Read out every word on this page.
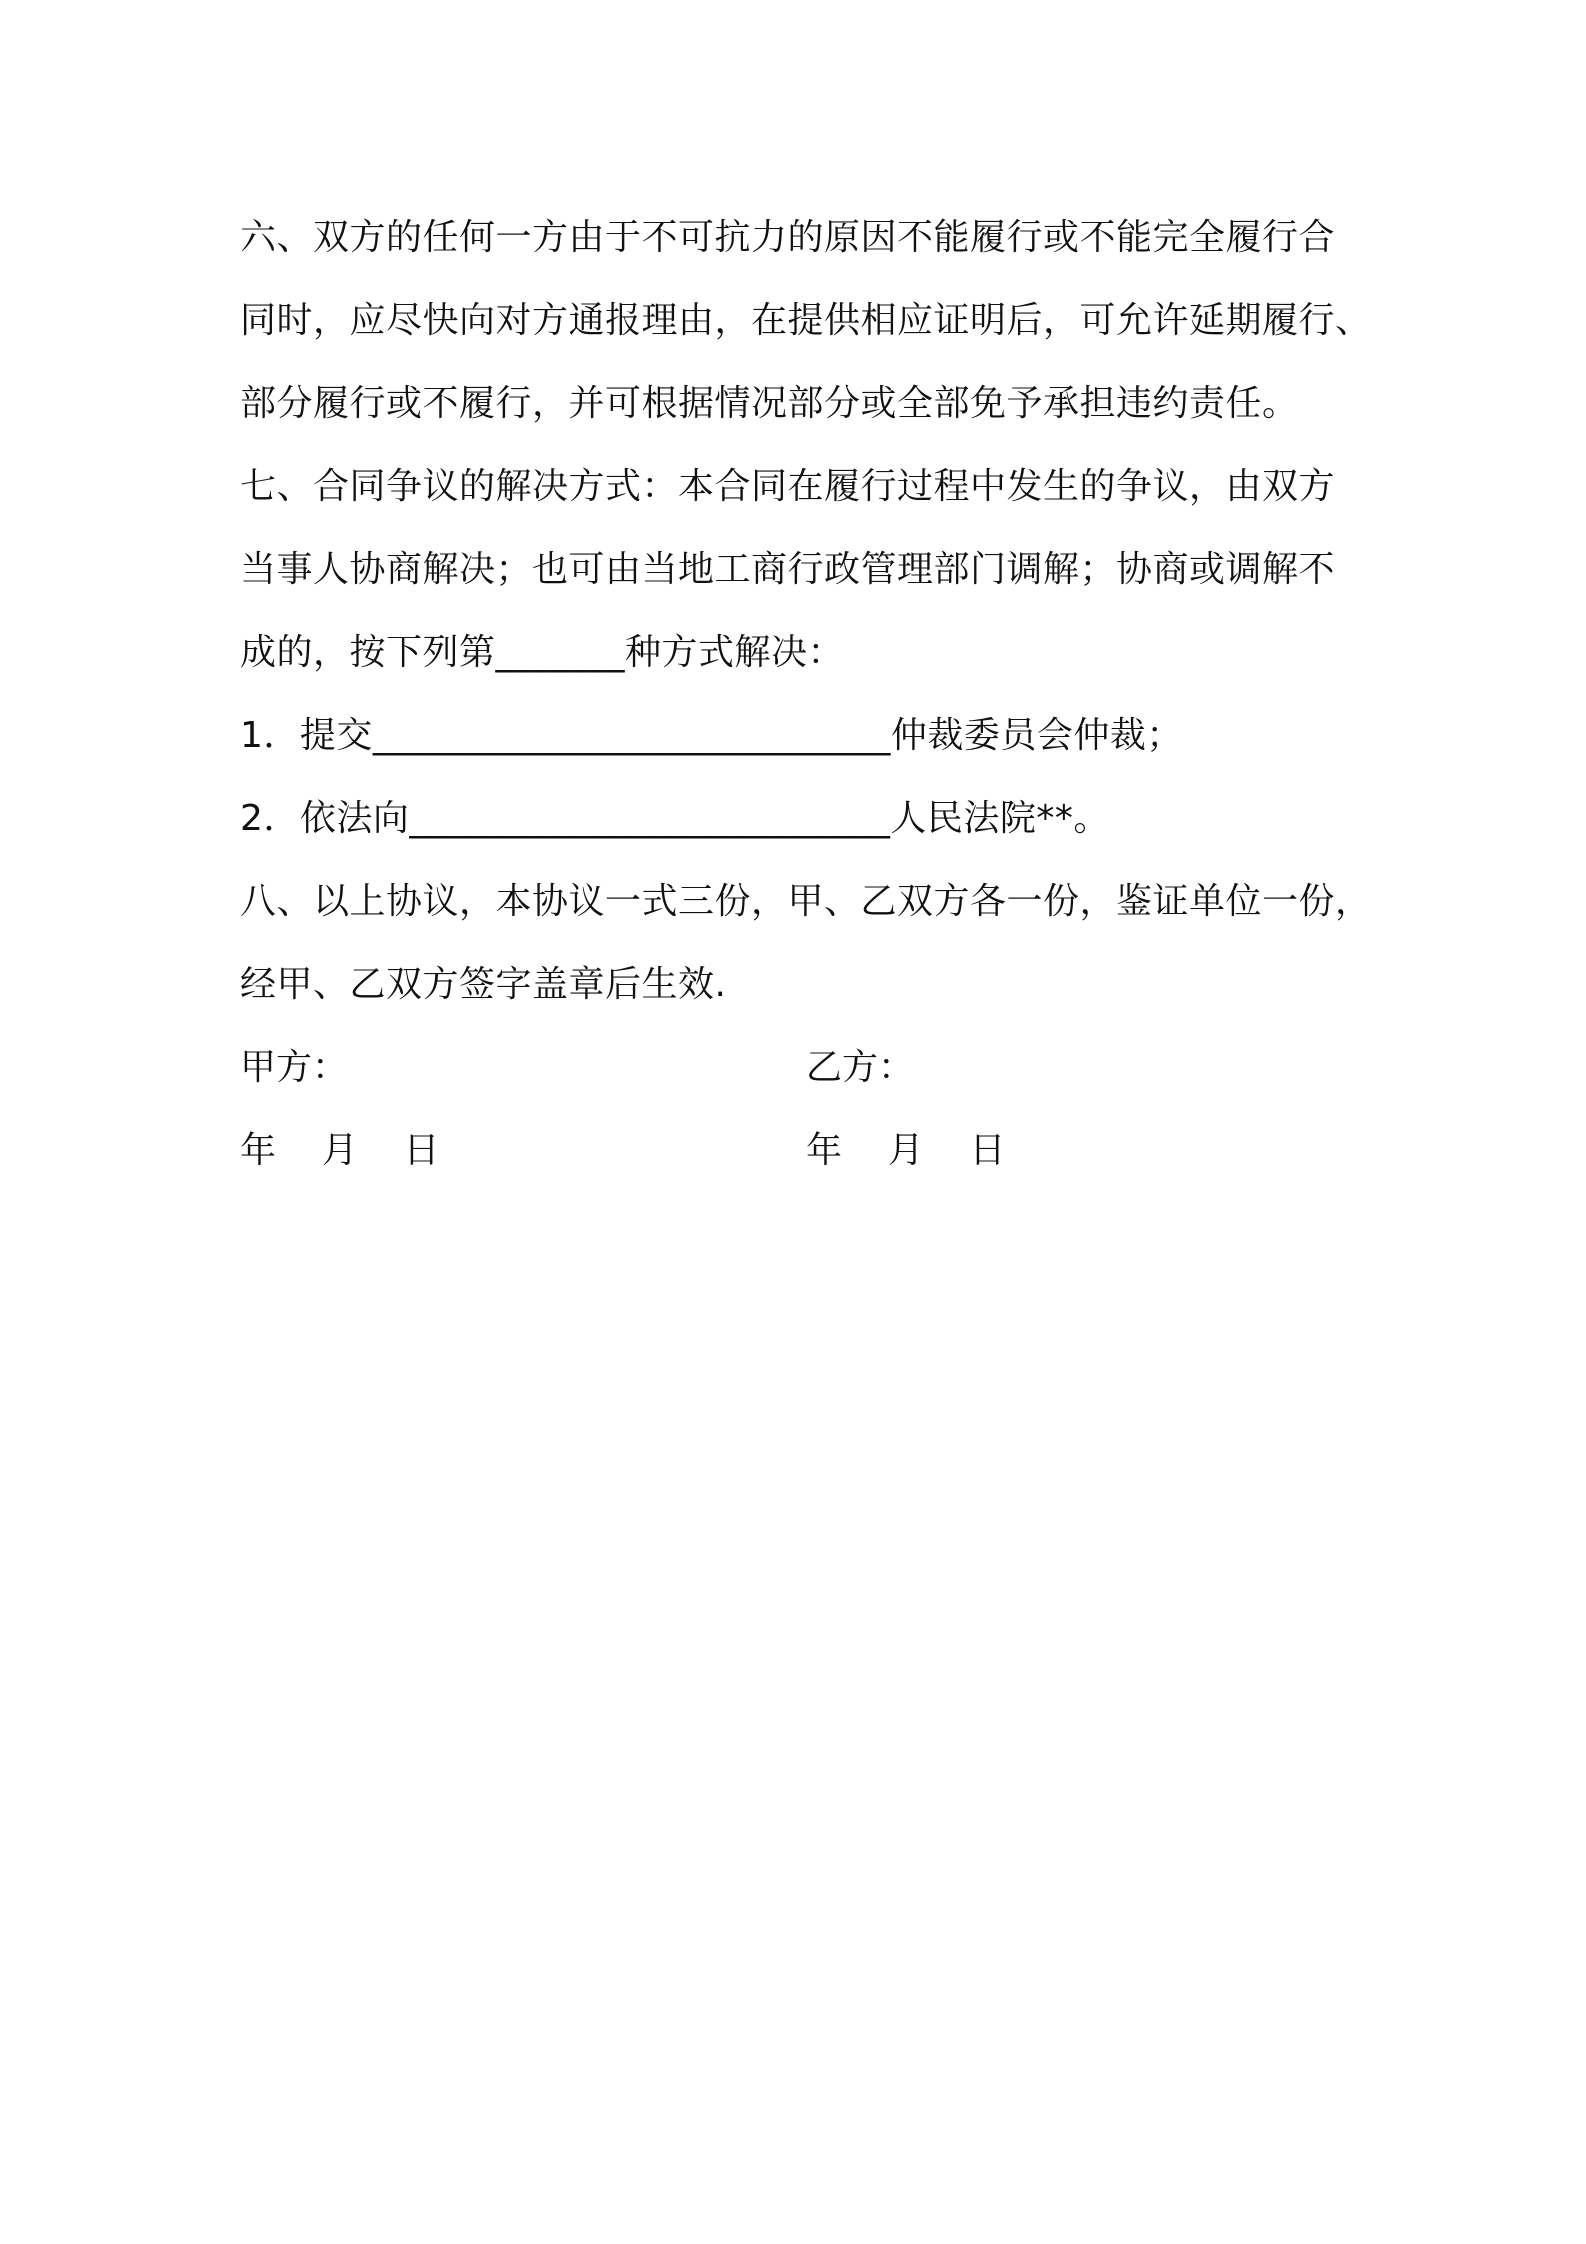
六、双方的任何一方由于不可抗力的原因不能履行或不能完全履行合
同时，应尽快向对方通报理由，在提供相应证明后，可允许延期履行、
部分履行或不履行，并可根据情况部分或全部免予承担违约责任。
七、合同争议的解决方式：本合同在履行过程中发生的争议，由双方
当事人协商解决；也可由当地工商行政管理部门调解；协商或调解不
成的，按下列第_______种方式解决：
1．提交____________________________仲裁委员会仲裁；
2．依法向__________________________人民法院**。
八、以上协议，本协议一式三份，甲、乙双方各一份，鉴证单位一份，
经甲、乙双方签字盖章后生效.
甲方：	乙方：
年    月    日	年    月    日
